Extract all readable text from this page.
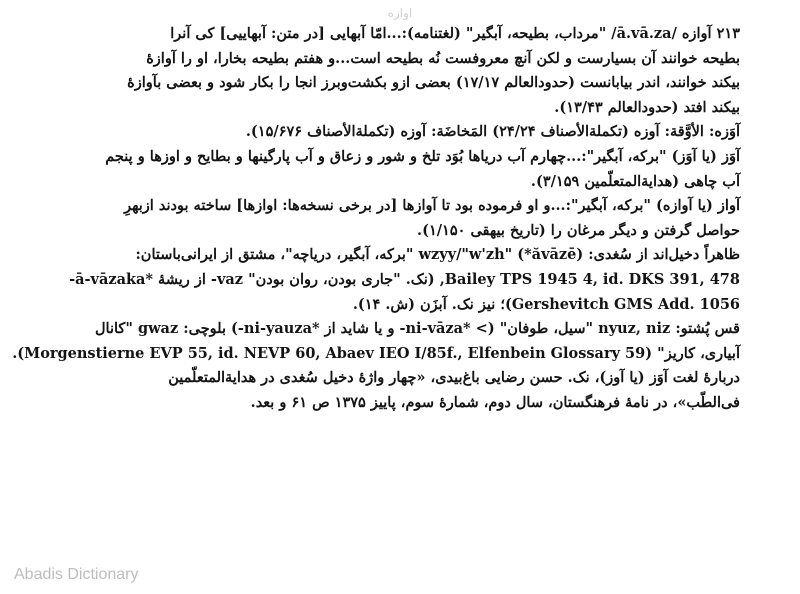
اوازه
۲۱۳ آوازه /ā.vā.za/ "مرداب، بطیحه، آبگیر" (لغتنامه):...امّا آبهایی [در متن: آبهاییی] کی آنرا
بطیحه خوانند آن بسیارست و لکن آنچ معروفست نُه بطیحه است...و هفتم بطیحه بخارا، او را آوازهٔ
بیکند خوانند، اندر بیابانست (حدودالعالم ۱۷/۱۷) بعضی ازو بکشت‌وبرز انجا را بکار شود و بعضی بآوازهٔ
بیکند افتد (حدودالعالم ۱۳/۴۳).
آوَزه: الأوَّقة: آوزه (تکملة‌الأصناف ۲۴/۲۴) المَخاضَة: آوزه (تکملة‌الأصناف ۱۵/۶۷۶).
آوَز (یا آوَز) "برکه، آبگیر":...چهارم آب دریاها بُوَد تلخ و شور و زعاق و آب پارگینها و بطایح و اوزها و پنجم
آب چاهی (هدایة‌المتعلّمین ۳/۱۵۹).
آواز (یا آوازه) "برکه، آبگیر":...و او فرموده بود تا آوازها [در برخی نسخه‌ها: اوازها] ساخته بودند ازبهرِ
حواصل گرفتن و دیگر مرغان را (تاریخ بیهقی ۱/۱۵۰).
ظاهراً دخیل‌اند از سُغدی: wzyy/"w'zh" (*ăvāzē) "برکه، آبگیر، دریاچه"، مشتق از ایرانی‌باستان:
Bailey TPS 1945 4, id. DKS 391, 478, (نک. "جاری بودن، روان بودن" vaz- از ریشهٔ *ā-vāzaka-
Gershevitch GMS Add. 1056)؛ نیز نک. آبزَن (ش. ۱۴).
قس پُشتو: nyuz, niz "سیل، طوفان" (> *ni-vāza- و یا شاید از *ni-yauza-) بلوچی: gwaz "کانال
آبیاری، کاریز" (Morgenstierne EVP 55, id. NEVP 60, Abaev IEO I/85f., Elfenbein Glossary 59).
دربارهٔ لغت آوَز (یا آوز)، نک. حسن رضایی باغ‌بیدی، «چهار واژهٔ دخیل سُغدی در هدایة‌المتعلّمین
فی‌الطّب»، در نامهٔ فرهنگستان، سال دوم، شمارهٔ سوم، پاییز ۱۳۷۵ ص ۶۱ و بعد.
Abadis Dictionary
